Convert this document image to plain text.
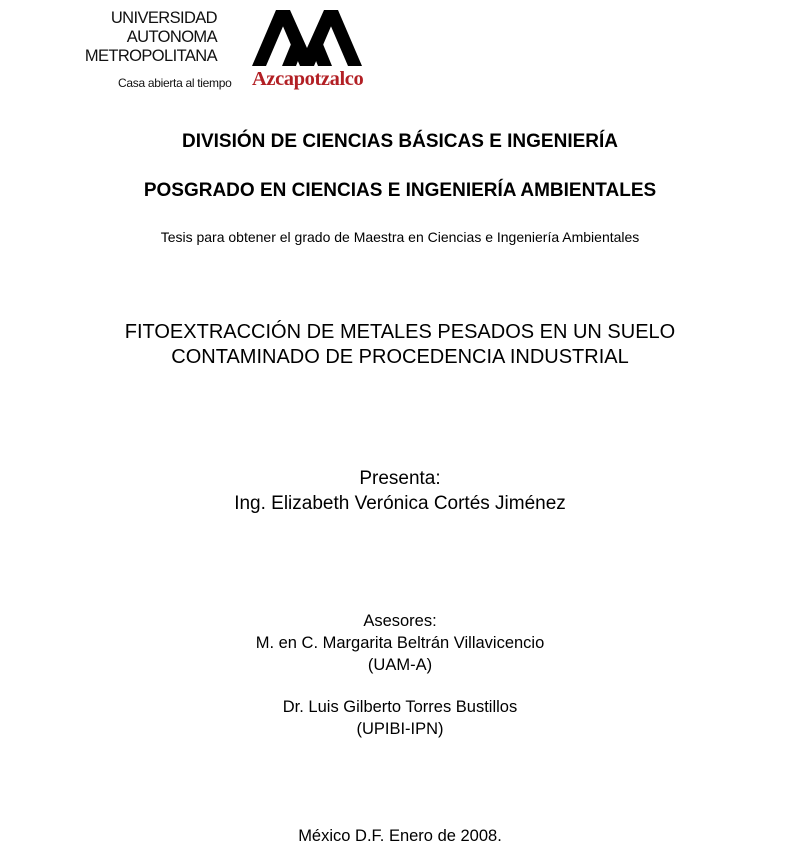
UNIVERSIDAD
AUTONOMA
METROPOLITANA
Casa abierta al tiempo Azcapotzalco
DIVISIÓN DE CIENCIAS BÁSICAS E INGENIERÍA
POSGRADO EN CIENCIAS E INGENIERÍA AMBIENTALES
Tesis para obtener el grado de Maestra en Ciencias e Ingeniería Ambientales
FITOEXTRACCIÓN DE METALES PESADOS EN UN SUELO
CONTAMINADO DE PROCEDENCIA INDUSTRIAL
Presenta:
Ing. Elizabeth Verónica Cortés Jiménez
Asesores:
M. en C. Margarita Beltrán Villavicencio
(UAM-A)
Dr. Luis Gilberto Torres Bustillos
(UPIBI-IPN)
México D.F. Enero de 2008.
